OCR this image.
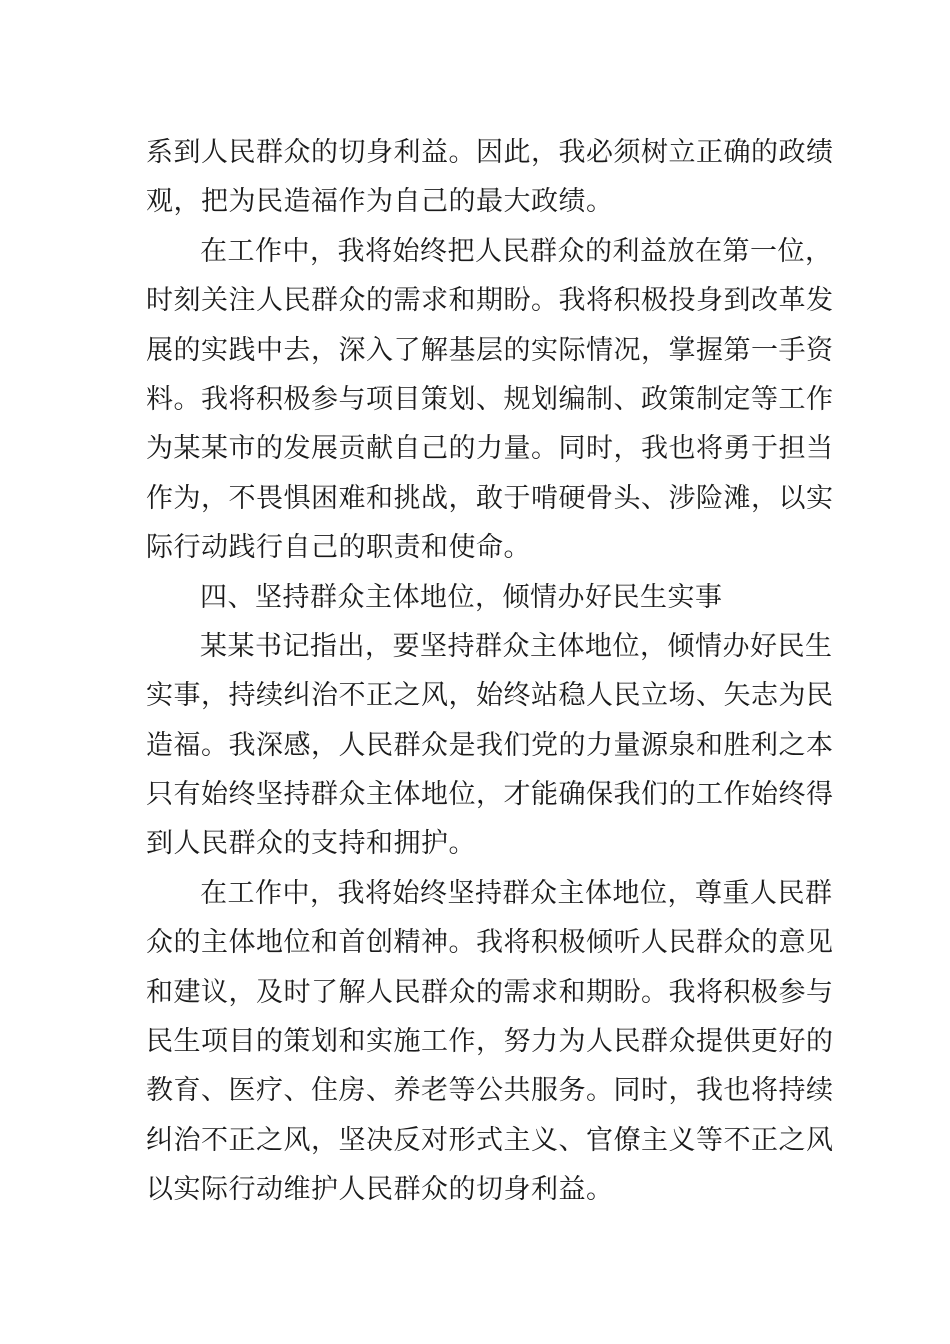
系到人民群众的切身利益。因此，我必须树立正确的政绩
观，把为民造福作为自己的最大政绩。

在工作中，我将始终把人民群众的利益放在第一位，
时刻关注人民群众的需求和期盼。我将积极投身到改革发
展的实践中去，深入了解基层的实际情况，掌握第一手资
料。我将积极参与项目策划、规划编制、政策制定等工作
为某某市的发展贡献自己的力量。同时，我也将勇于担当
作为，不畏惧困难和挑战，敢于啃硬骨头、涉险滩，以实
际行动践行自己的职责和使命。

四、坚持群众主体地位，倾情办好民生实事

某某书记指出，要坚持群众主体地位，倾情办好民生
实事，持续纠治不正之风，始终站稳人民立场、矢志为民
造福。我深感，人民群众是我们党的力量源泉和胜利之本
只有始终坚持群众主体地位，才能确保我们的工作始终得
到人民群众的支持和拥护。

在工作中，我将始终坚持群众主体地位，尊重人民群
众的主体地位和首创精神。我将积极倾听人民群众的意见
和建议，及时了解人民群众的需求和期盼。我将积极参与
民生项目的策划和实施工作，努力为人民群众提供更好的
教育、医疗、住房、养老等公共服务。同时，我也将持续
纠治不正之风，坚决反对形式主义、官僚主义等不正之风
以实际行动维护人民群众的切身利益。
